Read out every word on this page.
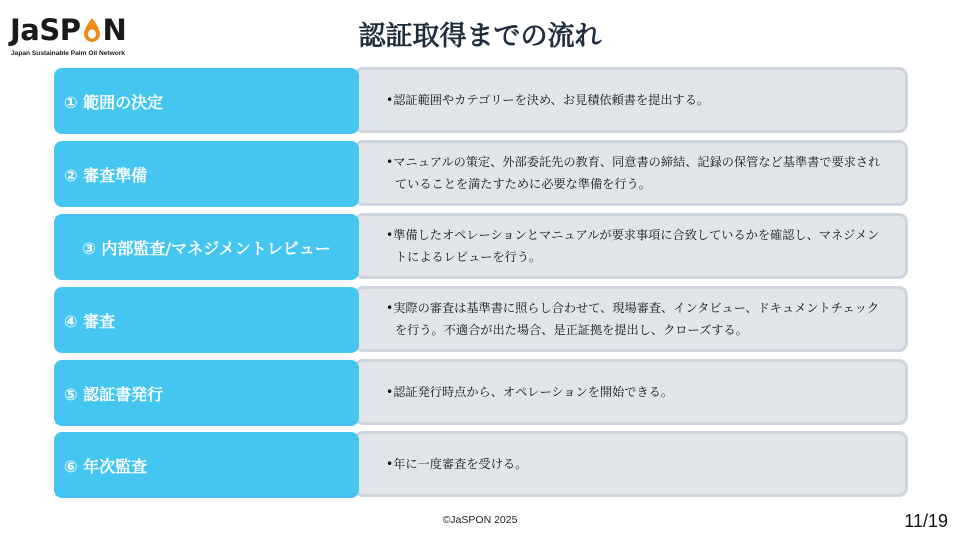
JaSP N
Japan Sustainable Palm Oil Network
認証取得までの流れ
① 範囲の決定	•認証範囲やカテゴリーを決め、お見積依頼書を提出する。
② 審査準備
•マニュアルの策定、外部委託先の教育、同意書の締結、記録の保管など基準書で要求されていることを満たすために必要な準備を行う。
③ 内部監査/マネジメントレビュー
•準備したオペレーションとマニュアルが要求事項に合致しているかを確認し、マネジメントによるレビューを行う。
④ 審査
•実際の審査は基準書に照らし合わせて、現場審査、インタビュー、ドキュメントチェックを行う。不適合が出た場合、是正証拠を提出し、クローズする。
⑤ 認証書発行	•認証発行時点から、オペレーションを開始できる。
⑥ 年次監査	•年に一度審査を受ける。
©JaSPON 2025	11/19
